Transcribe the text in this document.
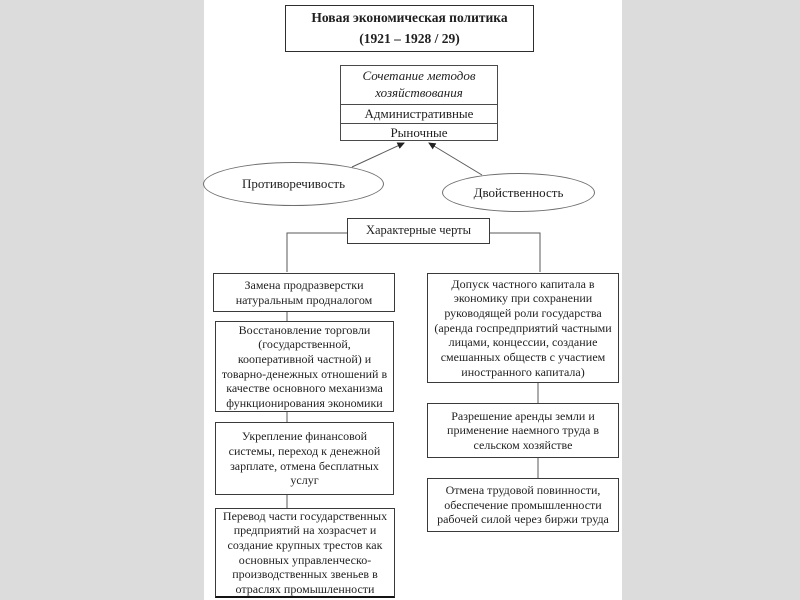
Новая экономическая политика
(1921 – 1928 / 29)
Сочетание методов хозяйствования
Административные
Рыночные
Противоречивость
Двойственность
Характерные черты
Замена продразверстки натуральным продналогом
Восстановление торговли (государственной, кооперативной частной) и товарно-денежных отношений в качестве основного механизма функционирования экономики
Укрепление финансовой системы, переход к денежной зарплате, отмена бесплатных услуг
Перевод части государственных предприятий на хозрасчет и создание крупных трестов как основных управленческо-производственных звеньев в отраслях промышленности
Допуск частного капитала в экономику при сохранении руководящей роли государства (аренда госпредприятий частными лицами, концессии, создание смешанных обществ с участием иностранного капитала)
Разрешение аренды земли и применение наемного труда в сельском хозяйстве
Отмена трудовой повинности, обеспечение промышленности рабочей силой через биржи труда
